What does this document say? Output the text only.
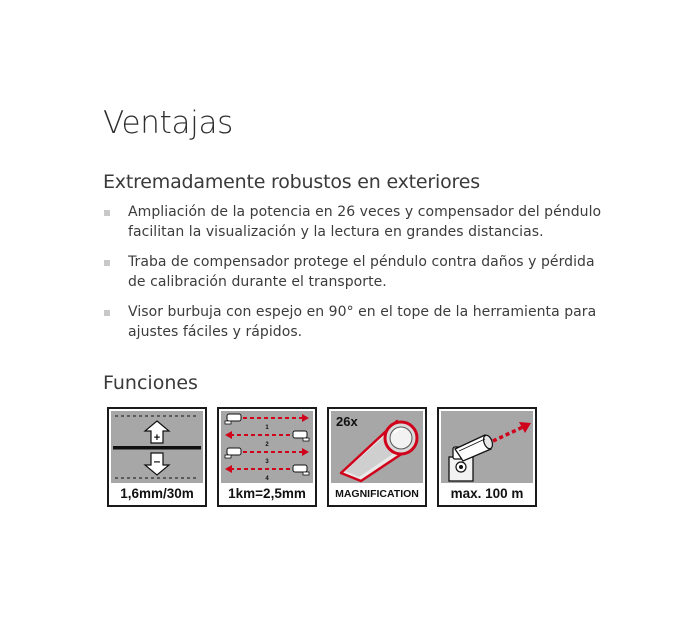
Ventajas
Extremadamente robustos en exteriores
Ampliación de la potencia en 26 veces y compensador del péndulo facilitan la visualización y la lectura en grandes distancias.
Traba de compensador protege el péndulo contra daños y pérdida de calibración durante el transporte.
Visor burbuja con espejo en 90° en el tope de la herramienta para ajustes fáciles y rápidos.
Funciones
+
–
1,6mm/30m
1
2
3
4
1km=2,5mm
26x
MAGNIFICATION	max. 100 m
